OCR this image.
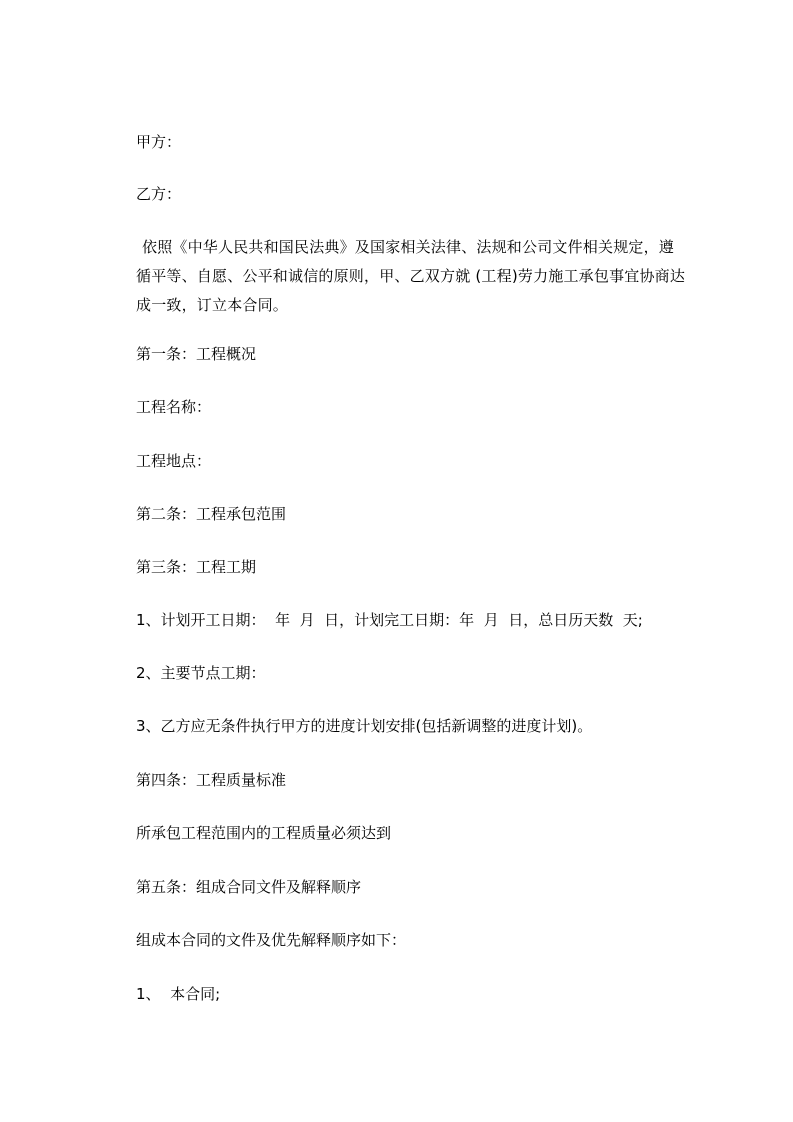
甲方：
乙方：
依照《中华人民共和国民法典》及国家相关法律、法规和公司文件相关规定，遵
循平等、自愿、公平和诚信的原则，甲、乙双方就 (工程)劳力施工承包事宜协商达
成一致，订立本合同。
第一条：工程概况
工程名称：
工程地点：
第二条：工程承包范围
第三条：工程工期
1、计划开工日期：  年  月  日，计划完工日期：年  月  日，总日历天数  天;
2、主要节点工期：
3、乙方应无条件执行甲方的进度计划安排(包括新调整的进度计划)。
第四条：工程质量标准
所承包工程范围内的工程质量必须达到
第五条：组成合同文件及解释顺序
组成本合同的文件及优先解释顺序如下：
1、  本合同;
